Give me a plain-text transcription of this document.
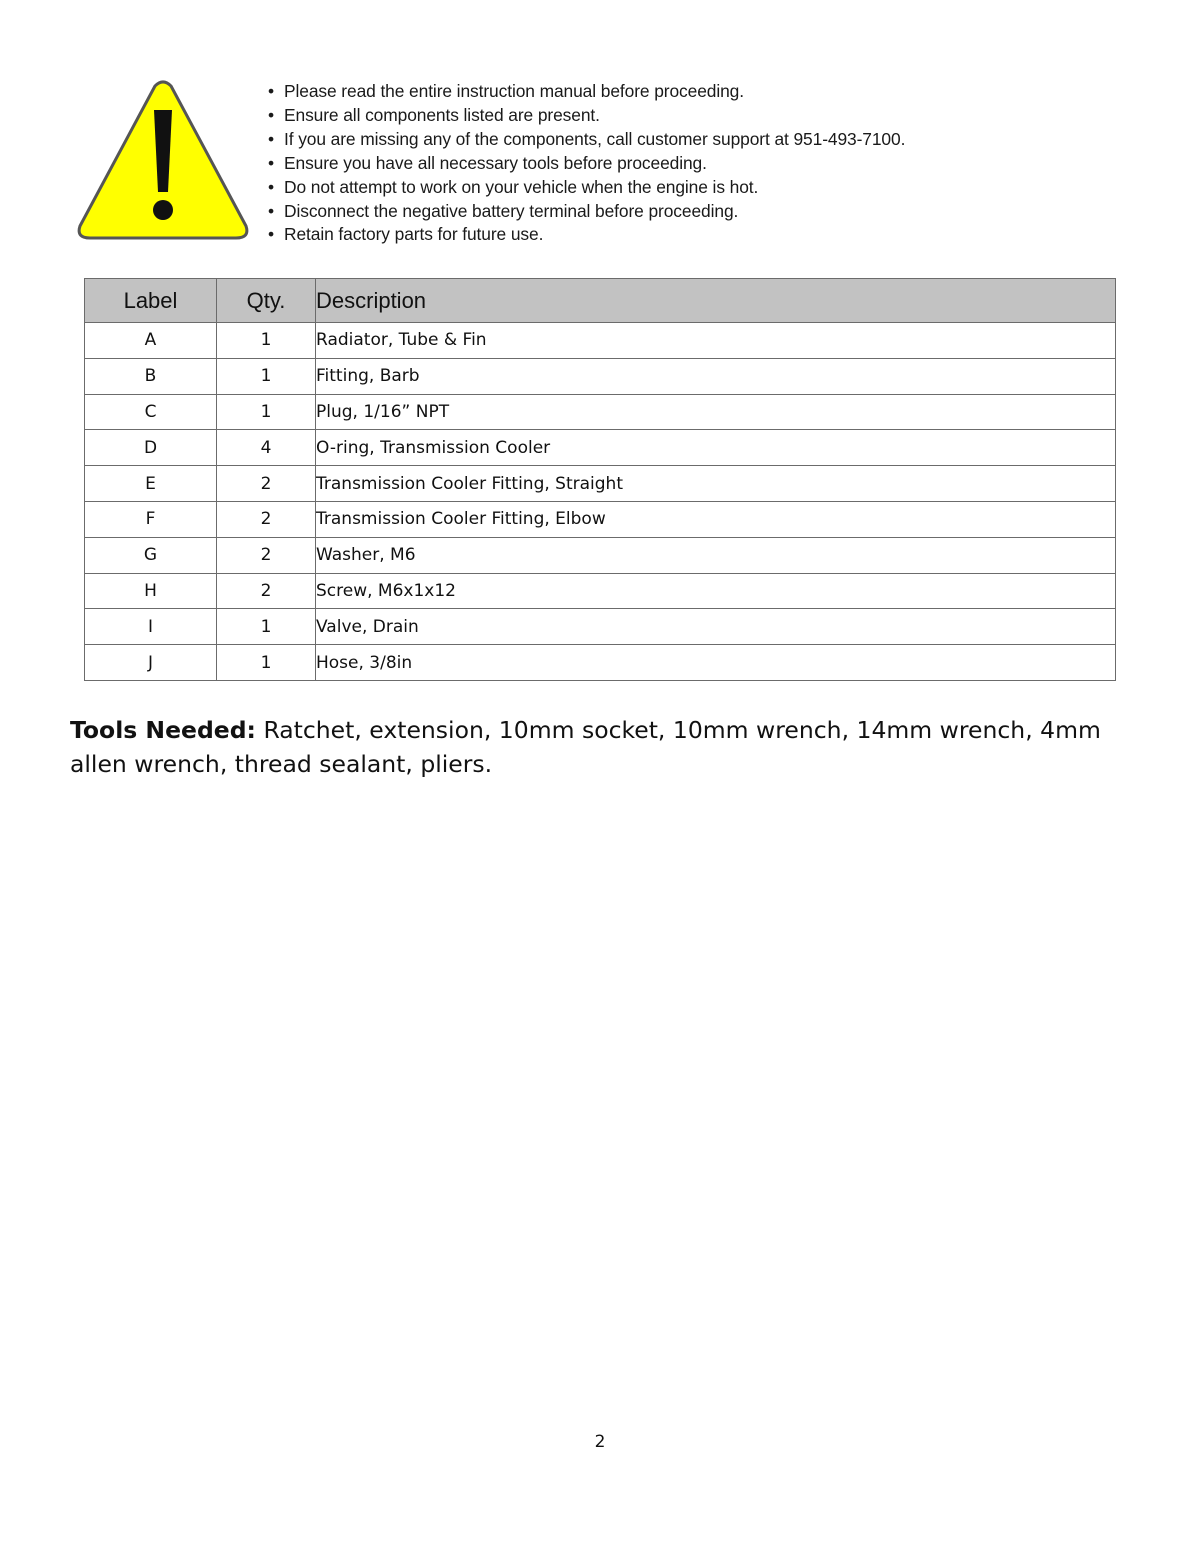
• Please read the entire instruction manual before proceeding.
• Ensure all components listed are present.
• If you are missing any of the components, call customer support at 951-493-7100.
• Ensure you have all necessary tools before proceeding.
• Do not attempt to work on your vehicle when the engine is hot.
• Disconnect the negative battery terminal before proceeding.
• Retain factory parts for future use.
Label	Qty.	Description
A	1	Radiator, Tube & Fin
B	1	Fitting, Barb
C	1	Plug, 1/16” NPT
D	4	O-ring, Transmission Cooler
E	2	Transmission Cooler Fitting, Straight
F	2	Transmission Cooler Fitting, Elbow
G	2	Washer, M6
H	2	Screw, M6x1x12
I	1	Valve, Drain
J	1	Hose, 3/8in

Tools Needed: Ratchet, extension, 10mm socket, 10mm wrench, 14mm wrench, 4mm allen wrench, thread sealant, pliers.

2
